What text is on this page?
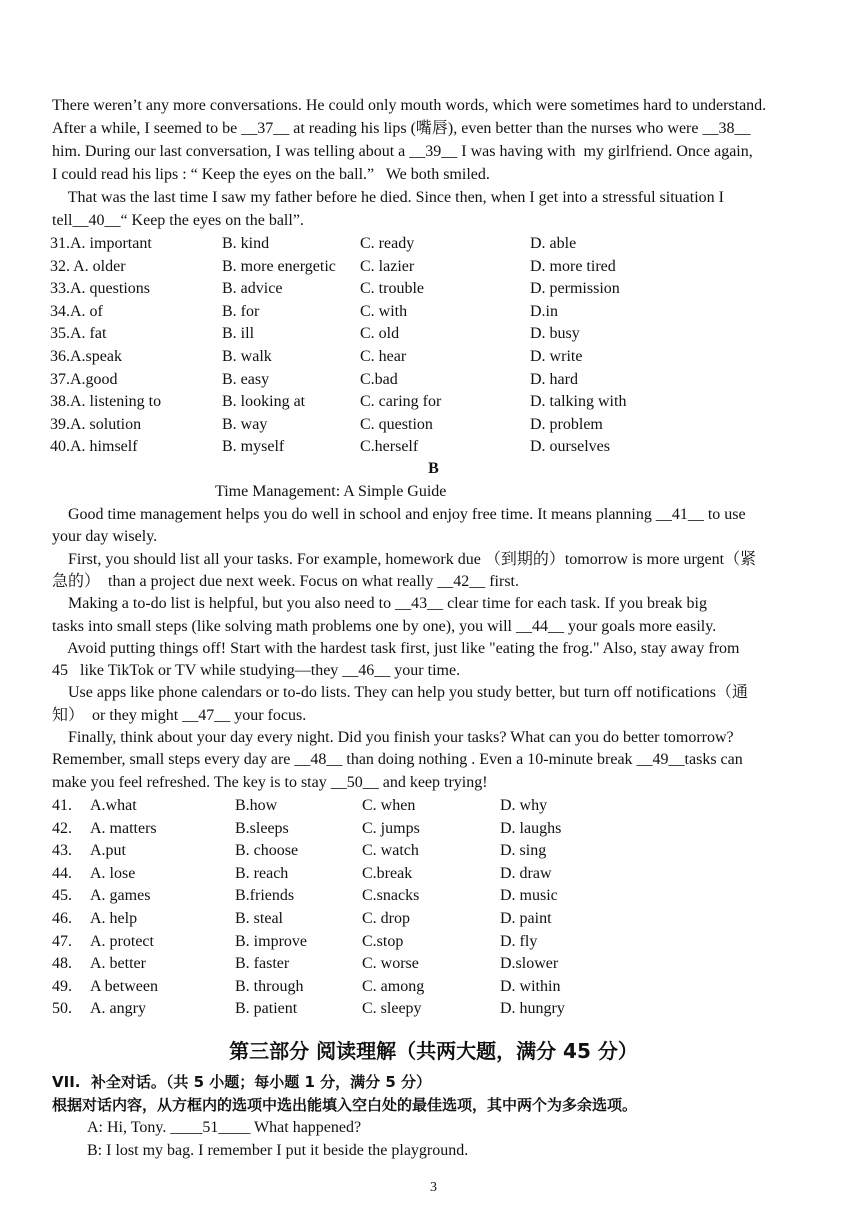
There weren’t any more conversations. He could only mouth words, which were sometimes hard to understand.
After a while, I seemed to be __37__ at reading his lips (嘴唇), even better than the nurses who were __38__
him. During our last conversation, I was telling about a __39__ I was having with  my girlfriend. Once again,
I could read his lips : “ Keep the eyes on the ball.”   We both smiled.
That was the last time I saw my father before he died. Since then, when I get into a stressful situation I
tell__40__“ Keep the eyes on the ball”.
31.A. important	B. kind	C. ready	D. able
32. A. older	B. more energetic C. lazier	D. more tired
33.A. questions	B. advice	C. trouble	D. permission
34.A. of	B. for	C. with	D.in
35.A. fat	B. ill	C. old	D. busy
36.A.speak	B. walk	C. hear	D. write
37.A.good	B. easy	C.bad	D. hard
38.A. listening to	B. looking at	C. caring for	D. talking with
39.A. solution	B. way	C. question	D. problem
40.A. himself	B. myself	C.herself	D. ourselves
B
Time Management: A Simple Guide
Good time management helps you do well in school and enjoy free time. It means planning __41__ to use
your day wisely.
First, you should list all your tasks. For example, homework due （到期的）tomorrow is more urgent（紧
急的）  than a project due next week. Focus on what really __42__ first.
Making a to-do list is helpful, but you also need to __43__ clear time for each task. If you break big
tasks into small steps (like solving math problems one by one), you will __44__ your goals more easily.
Avoid putting things off! Start with the hardest task first, just like "eating the frog." Also, stay away from
45   like TikTok or TV while studying—they __46__ your time.
Use apps like phone calendars or to-do lists. They can help you study better, but turn off notifications（通
知）  or they might __47__ your focus.
Finally, think about your day every night. Did you finish your tasks? What can you do better tomorrow?
Remember, small steps every day are __48__ than doing nothing . Even a 10-minute break __49__tasks can
make you feel refreshed. The key is to stay __50__ and keep trying!
41. A.what	B.how	C. when	D. why
42. A. matters	B.sleeps	C. jumps	D. laughs
43. A.put	B. choose	C. watch	D. sing
44. A. lose	B. reach	C.break	D. draw
45. A. games	B.friends	C.snacks	D. music
46. A. help	B. steal	C. drop	D. paint
47. A. protect	B. improve	C.stop	D. fly
48. A. better	B. faster	C. worse	D.slower
49. A between	B. through	C. among	D. within
50. A. angry	B. patient	C. sleepy	D. hungry
第三部分 阅读理解（共两大题，满分 45 分）
VII.  补全对话。（共 5 小题；每小题 1 分，满分 5 分）
根据对话内容，从方框内的选项中选出能填入空白处的最佳选项，其中两个为多余选项。
A: Hi, Tony. ____51____ What happened?
B: I lost my bag. I remember I put it beside the playground.
3
